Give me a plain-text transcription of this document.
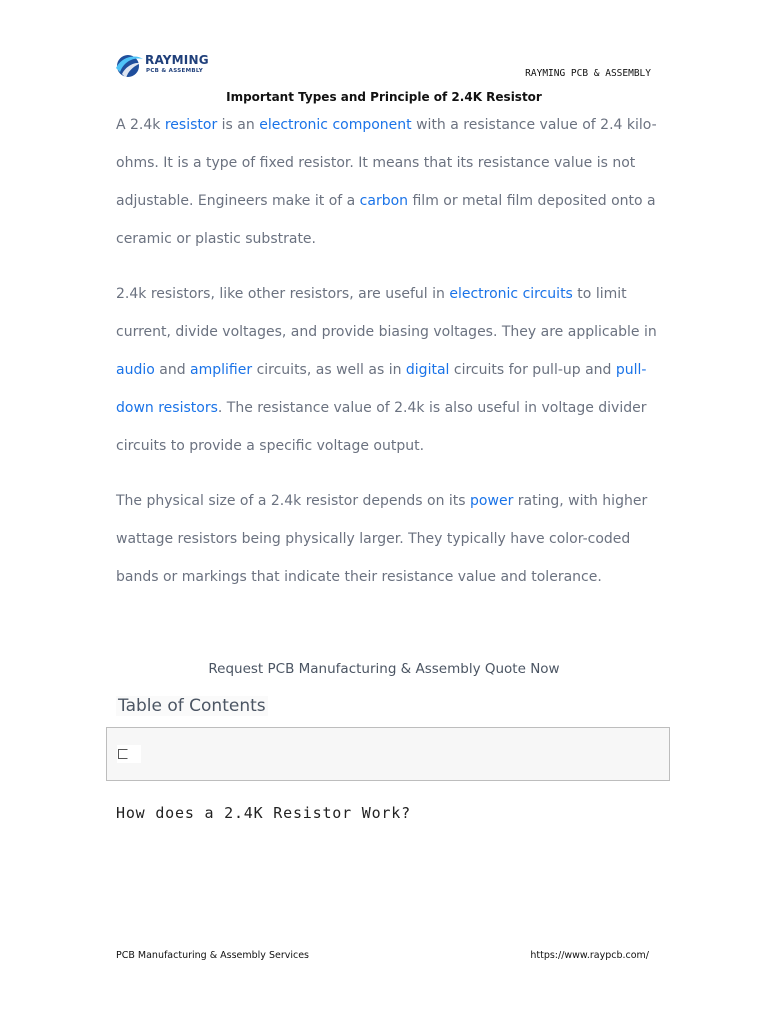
RAYMING
PCB & ASSEMBLY	RAYMING PCB & ASSEMBLY
Important Types and Principle of 2.4K Resistor

A 2.4k resistor is an electronic component with a resistance value of 2.4 kilo-ohms. It is a type of fixed resistor. It means that its resistance value is not adjustable. Engineers make it of a carbon film or metal film deposited onto a ceramic or plastic substrate.

2.4k resistors, like other resistors, are useful in electronic circuits to limit current, divide voltages, and provide biasing voltages. They are applicable in audio and amplifier circuits, as well as in digital circuits for pull-up and pull-down resistors. The resistance value of 2.4k is also useful in voltage divider circuits to provide a specific voltage output.

The physical size of a 2.4k resistor depends on its power rating, with higher wattage resistors being physically larger. They typically have color-coded bands or markings that indicate their resistance value and tolerance.

Request PCB Manufacturing & Assembly Quote Now
Table of Contents
How does a 2.4K Resistor Work?
PCB Manufacturing & Assembly Services	https://www.raypcb.com/
